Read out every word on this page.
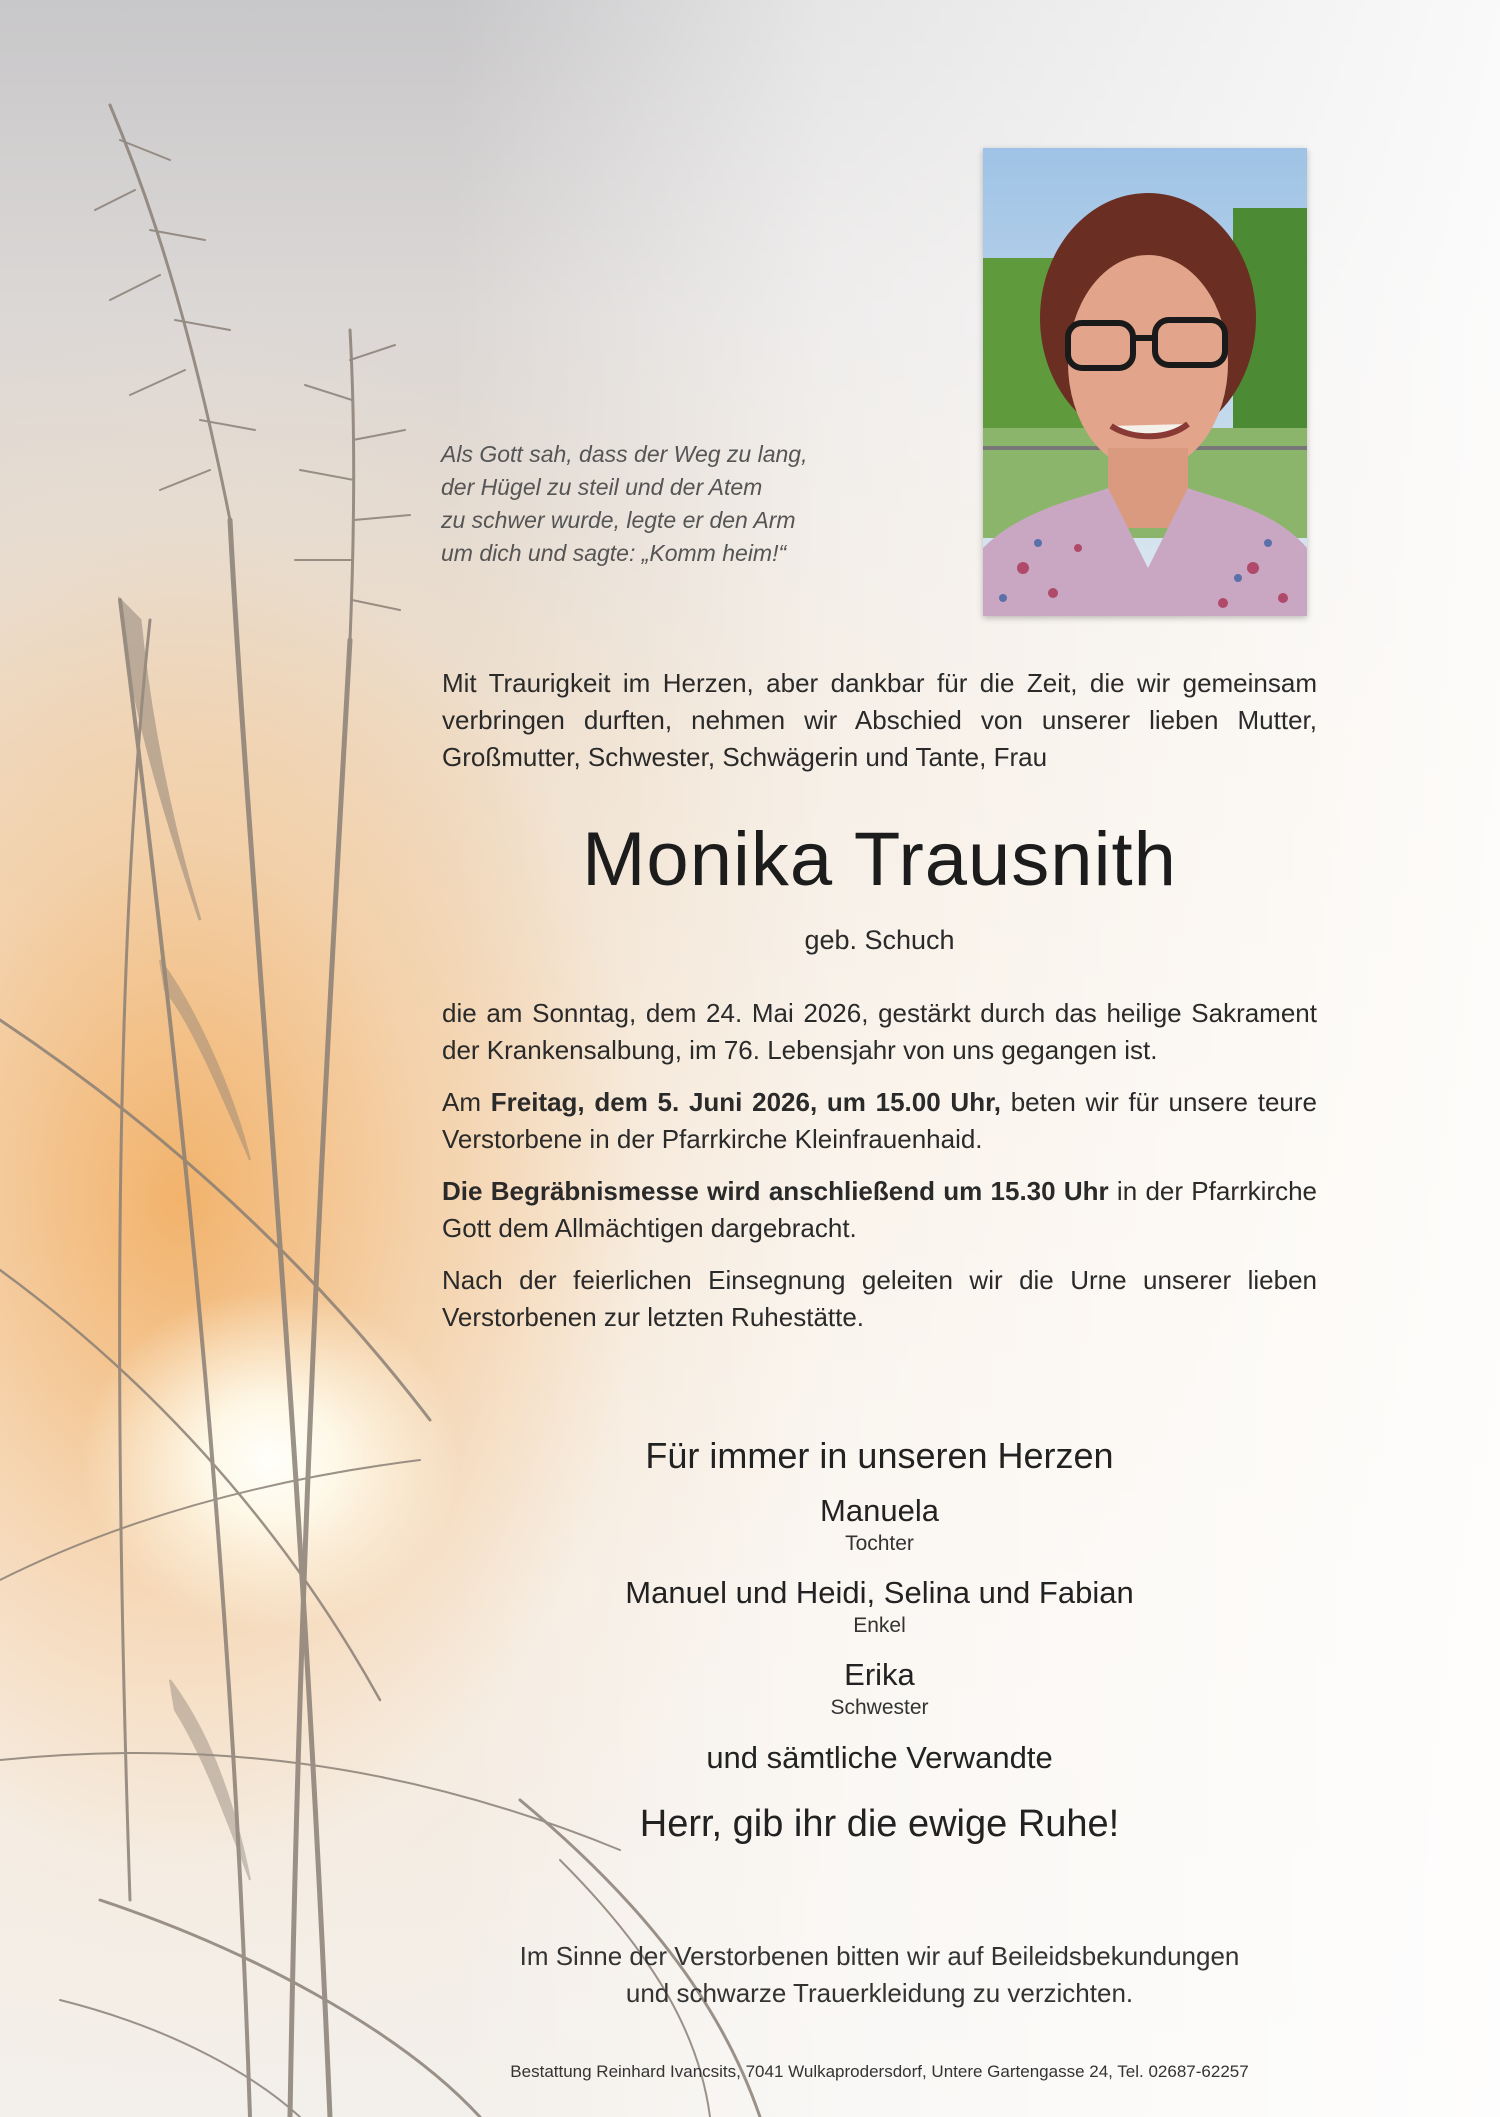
Als Gott sah, dass der Weg zu lang,
der Hügel zu steil und der Atem
zu schwer wurde, legte er den Arm
um dich und sagte: „Komm heim!“
Mit Traurigkeit im Herzen, aber dankbar für die Zeit, die wir gemeinsam verbringen durften, nehmen wir Abschied von unserer lieben Mutter, Großmutter, Schwester, Schwägerin und Tante, Frau
Monika Trausnith
geb. Schuch

die am Sonntag, dem 24. Mai 2026, gestärkt durch das heilige Sakrament der Krankensalbung, im 76. Lebensjahr von uns gegangen ist.

Am Freitag, dem 5. Juni 2026, um 15.00 Uhr, beten wir für unsere teure Verstorbene in der Pfarrkirche Kleinfrauenhaid.

Die Begräbnismesse wird anschließend um 15.30 Uhr in der Pfarrkirche Gott dem Allmächtigen dargebracht.

Nach der feierlichen Einsegnung geleiten wir die Urne unserer lieben Verstorbenen zur letzten Ruhestätte.

Für immer in unseren Herzen
Manuela
Tochter
Manuel und Heidi, Selina und Fabian
Enkel
Erika
Schwester
und sämtliche Verwandte
Herr, gib ihr die ewige Ruhe!
Im Sinne der Verstorbenen bitten wir auf Beileidsbekundungen
und schwarze Trauerkleidung zu verzichten.
Bestattung Reinhard Ivancsits, 7041 Wulkaprodersdorf, Untere Gartengasse 24, Tel. 02687-62257
